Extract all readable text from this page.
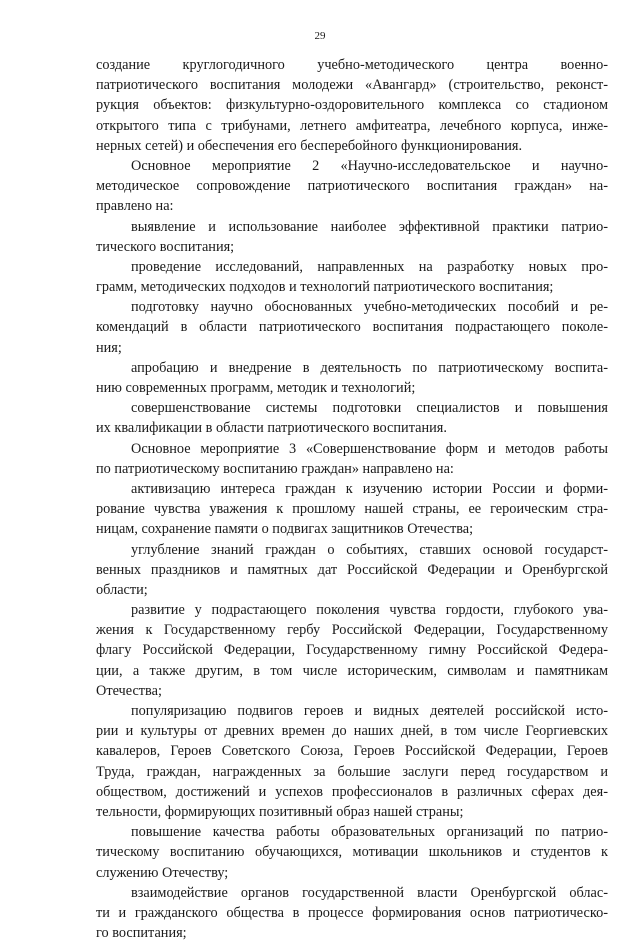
29
создание круглогодичного учебно-методического центра военно-
патриотического воспитания молодежи «Авангард» (строительство, реконст-
рукция объектов: физкультурно-оздоровительного комплекса со стадионом
открытого типа с трибунами, летнего амфитеатра, лечебного корпуса, инже-
нерных сетей) и обеспечения его бесперебойного функционирования.
Основное мероприятие 2 «Научно-исследовательское и научно-
методическое сопровождение патриотического воспитания граждан» на-
правлено на:
выявление и использование наиболее эффективной практики патрио-
тического воспитания;
проведение исследований, направленных на разработку новых про-
грамм, методических подходов и технологий патриотического воспитания;
подготовку научно обоснованных учебно-методических пособий и ре-
комендаций в области патриотического воспитания подрастающего поколе-
ния;
апробацию и внедрение в деятельность по патриотическому воспита-
нию современных программ, методик и технологий;
совершенствование системы подготовки специалистов и повышения
их квалификации в области патриотического воспитания.
Основное мероприятие 3 «Совершенствование форм и методов работы
по патриотическому воспитанию граждан» направлено на:
активизацию интереса граждан к изучению истории России и форми-
рование чувства уважения к прошлому нашей страны, ее героическим стра-
ницам, сохранение памяти о подвигах защитников Отечества;
углубление знаний граждан о событиях, ставших основой государст-
венных праздников и памятных дат Российской Федерации и Оренбургской
области;
развитие у подрастающего поколения чувства гордости, глубокого ува-
жения к Государственному гербу Российской Федерации, Государственному
флагу Российской Федерации, Государственному гимну Российской Федера-
ции, а также другим, в том числе историческим, символам и памятникам
Отечества;
популяризацию подвигов героев и видных деятелей российской исто-
рии и культуры от древних времен до наших дней, в том числе Георгиевских
кавалеров, Героев Советского Союза, Героев Российской Федерации, Героев
Труда, граждан, награжденных за большие заслуги перед государством и
обществом, достижений и успехов профессионалов в различных сферах дея-
тельности, формирующих позитивный образ нашей страны;
повышение качества работы образовательных организаций по патрио-
тическому воспитанию обучающихся, мотивации школьников и студентов к
служению Отечеству;
взаимодействие органов государственной власти Оренбургской облас-
ти и гражданского общества в процессе формирования основ патриотическо-
го воспитания;
